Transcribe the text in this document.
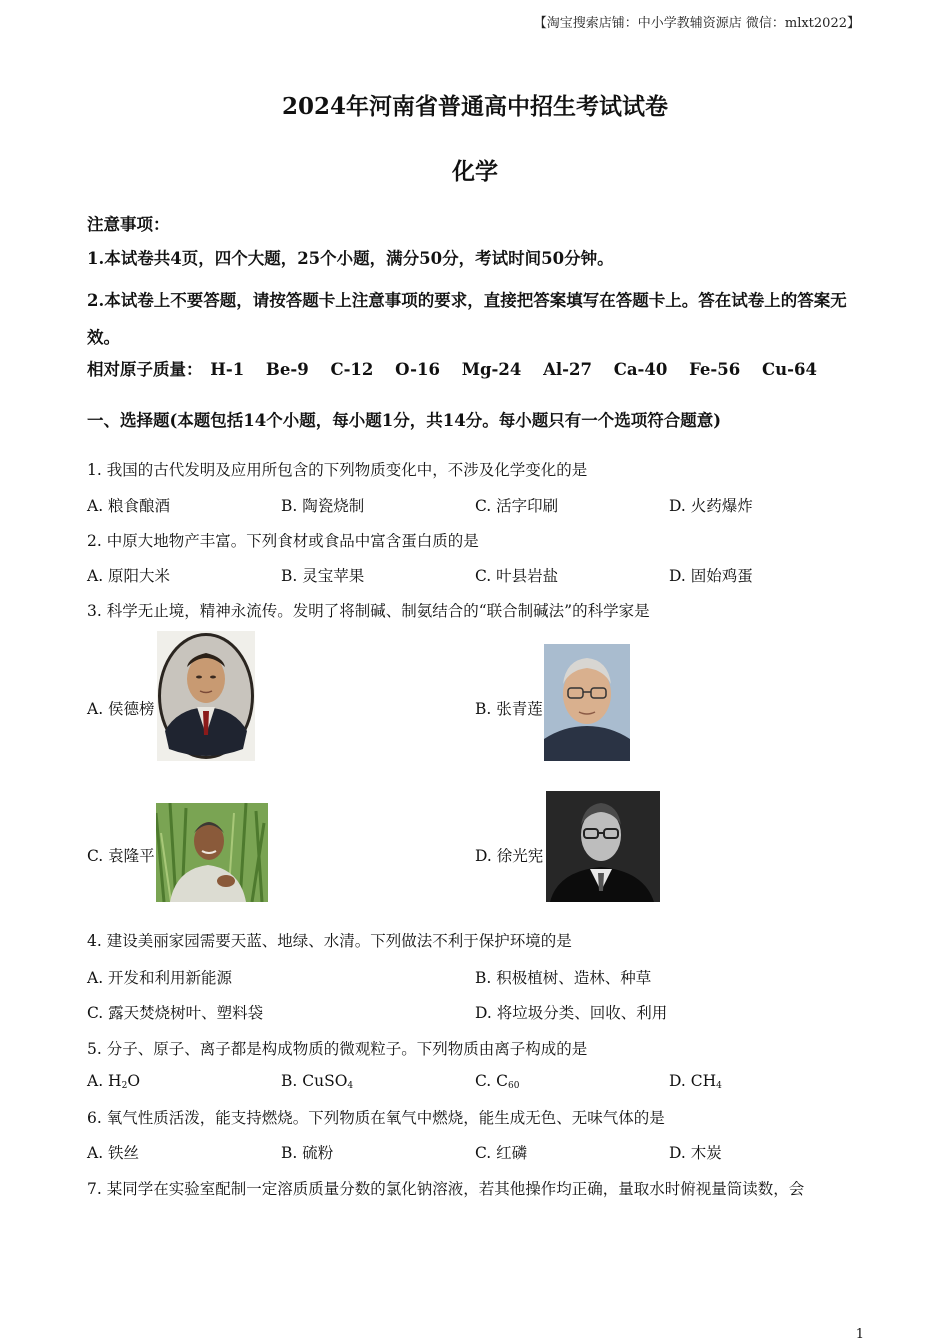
【淘宝搜索店铺：中小学教辅资源店 微信：mlxt2022】
2024年河南省普通高中招生考试试卷
化学
注意事项：
1.本试卷共4页，四个大题，25个小题，满分50分，考试时间50分钟。
2.本试卷上不要答题，请按答题卡上注意事项的要求，直接把答案填写在答题卡上。答在试卷上的答案无效。
相对原子质量： H-1 Be-9 C-12 O-16 Mg-24 Al-27 Ca-40 Fe-56 Cu-64
一、选择题(本题包括14个小题，每小题1分，共14分。每小题只有一个选项符合题意)
1. 我国的古代发明及应用所包含的下列物质变化中，不涉及化学变化的是
A. 粮食酿酒	B. 陶瓷烧制	C. 活字印刷	D. 火药爆炸
2. 中原大地物产丰富。下列食材或食品中富含蛋白质的是
A. 原阳大米	B. 灵宝苹果	C. 叶县岩盐	D. 固始鸡蛋
3. 科学无止境，精神永流传。发明了将制碱、制氨结合的“联合制碱法”的科学家是
A. 侯德榜	B. 张青莲
C. 袁隆平	D. 徐光宪
4. 建设美丽家园需要天蓝、地绿、水清。下列做法不利于保护环境的是
A. 开发和利用新能源	B. 积极植树、造林、种草
C. 露天焚烧树叶、塑料袋	D. 将垃圾分类、回收、利用
5. 分子、原子、离子都是构成物质的微观粒子。下列物质由离子构成的是
A. $H_2O$	B. CuSO$_4$	C. $C_{60}$	D. $CH_4$
6. 氧气性质活泼，能支持燃烧。下列物质在氧气中燃烧，能生成无色、无味气体的是
A. 铁丝	B. 硫粉	C. 红磷	D. 木炭
7. 某同学在实验室配制一定溶质质量分数的氯化钠溶液，若其他操作均正确，量取水时俯视量筒读数，会
1
